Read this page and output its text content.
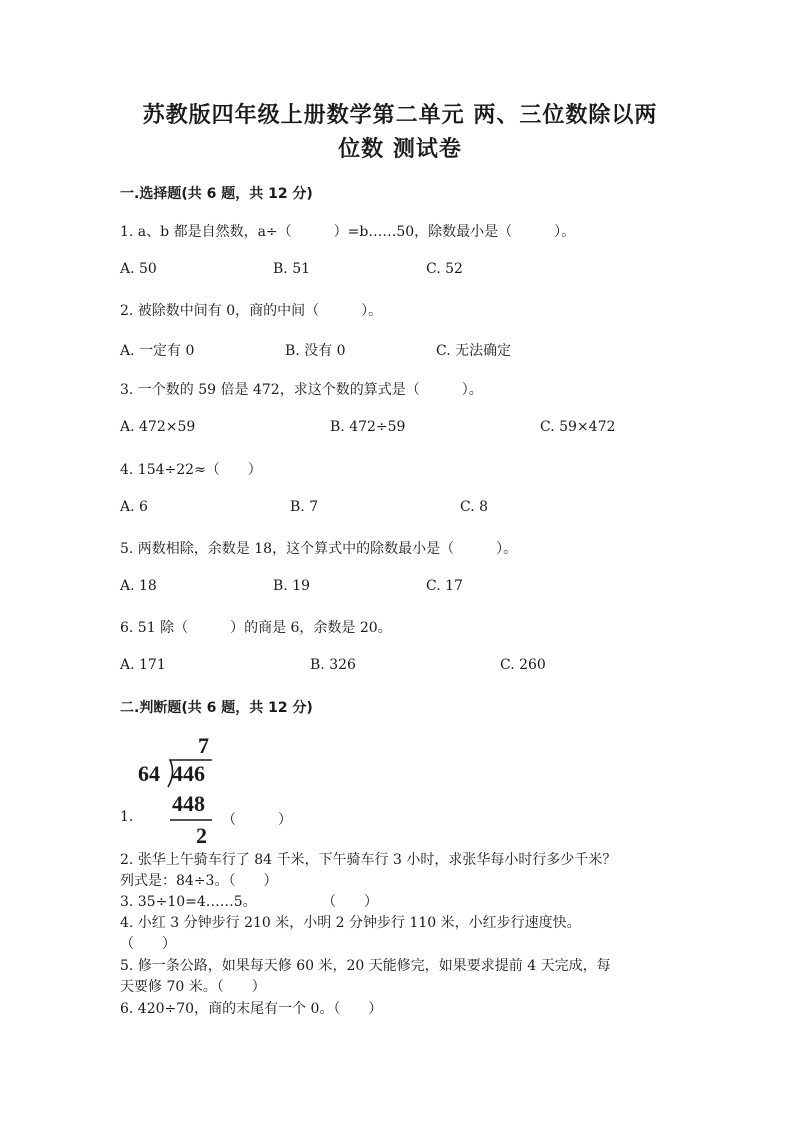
苏教版四年级上册数学第二单元 两、三位数除以两
位数 测试卷
一.选择题(共 6 题，共 12 分)
1. a、b 都是自然数，a÷（　　　）=b……50，除数最小是（　　　）。
A. 50	B. 51	C. 52
2. 被除数中间有 0，商的中间（　　　）。
A. 一定有 0	B. 没有 0	C. 无法确定
3. 一个数的 59 倍是 472，求这个数的算式是（　　　）。
A. 472×59	B. 472÷59	C. 59×472
4. 154÷22≈（　　）
A. 6	B. 7	C. 8
5. 两数相除，余数是 18，这个算式中的除数最小是（　　　）。
A. 18	B. 19	C. 17
6. 51 除（　　　）的商是 6，余数是 20。
A. 171	B. 326	C. 260
二.判断题(共 6 题，共 12 分)
7
64 446
448
2
1.	（　　　）
2. 张华上午骑车行了 84 千米，下午骑车行 3 小时，求张华每小时行多少千米？
列式是：84÷3。（　　）
3. 35÷10=4……5。	（　　）
4. 小红 3 分钟步行 210 米，小明 2 分钟步行 110 米，小红步行速度快。
（　　）
5. 修一条公路，如果每天修 60 米，20 天能修完，如果要求提前 4 天完成，每
天要修 70 米。（　　）
6. 420÷70，商的末尾有一个 0。（　　）
